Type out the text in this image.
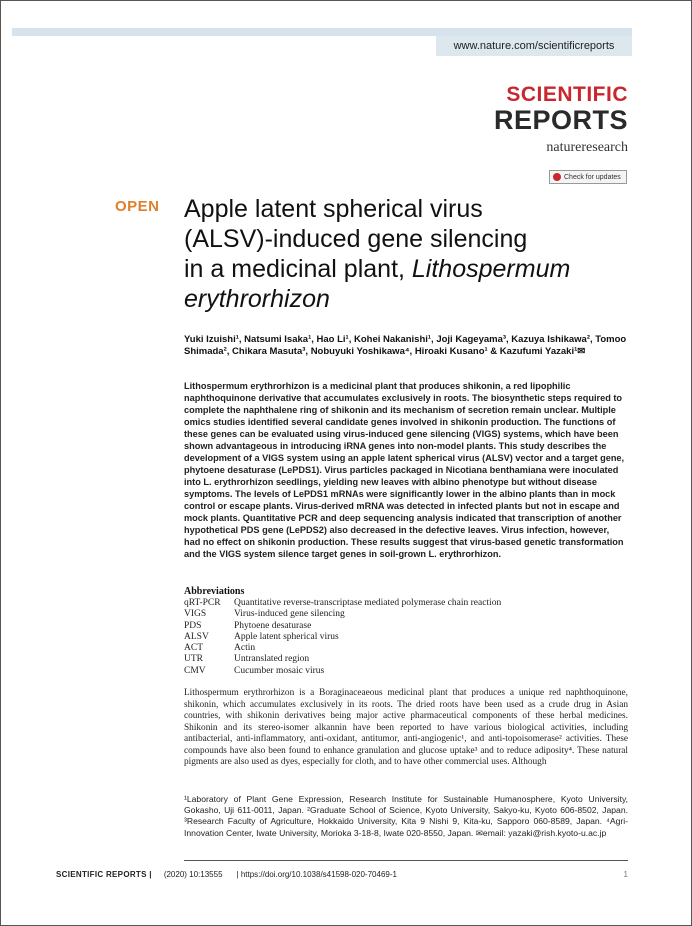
www.nature.com/scientificreports
SCIENTIFIC
REPORTS
natureresearch
Check for updates
OPEN Apple latent spherical virus
(ALSV)-induced gene silencing
in a medicinal plant, Lithospermum erythrorhizon
Yuki Izuishi¹, Natsumi Isaka¹, Hao Li¹, Kohei Nakanishi¹, Joji Kageyama³, Kazuya Ishikawa², Tomoo Shimada², Chikara Masuta³, Nobuyuki Yoshikawa⁴, Hiroaki Kusano¹ & Kazufumi Yazaki¹✉

Lithospermum erythrorhizon is a medicinal plant that produces shikonin, a red lipophilic naphthoquinone derivative that accumulates exclusively in roots. The biosynthetic steps required to complete the naphthalene ring of shikonin and its mechanism of secretion remain unclear. Multiple omics studies identified several candidate genes involved in shikonin production. The functions of these genes can be evaluated using virus-induced gene silencing (VIGS) systems, which have been shown advantageous in introducing iRNA genes into non-model plants. This study describes the development of a VIGS system using an apple latent spherical virus (ALSV) vector and a target gene, phytoene desaturase (LePDS1). Virus particles packaged in Nicotiana benthamiana were inoculated into L. erythrorhizon seedlings, yielding new leaves with albino phenotype but without disease symptoms. The levels of LePDS1 mRNAs were significantly lower in the albino plants than in mock control or escape plants. Virus-derived mRNA was detected in infected plants but not in escape and mock plants. Quantitative PCR and deep sequencing analysis indicated that transcription of another hypothetical PDS gene (LePDS2) also decreased in the defective leaves. Virus infection, however, had no effect on shikonin production. These results suggest that virus-based genetic transformation and the VIGS system silence target genes in soil-grown L. erythrorhizon.

Abbreviations
qRT-PCR	Quantitative reverse-transcriptase mediated polymerase chain reaction
VIGS	Virus-induced gene silencing
PDS	Phytoene desaturase
ALSV	Apple latent spherical virus
ACT	Actin
UTR	Untranslated region
CMV	Cucumber mosaic virus

Lithospermum erythrorhizon is a Boraginaceaeous medicinal plant that produces a unique red naphthoquinone, shikonin, which accumulates exclusively in its roots. The dried roots have been used as a crude drug in Asian countries, with shikonin derivatives being major active pharmaceutical components of these herbal medicines. Shikonin and its stereo-isomer alkannin have been reported to have various biological activities, including antibacterial, anti-inflammatory, anti-oxidant, antitumor, anti-angiogenic¹, and anti-topoisomerase² activities. These compounds have also been found to enhance granulation and glucose uptake³ and to reduce adiposity⁴. These natural pigments are also used as dyes, especially for cloth, and to have other commercial uses. Although

¹Laboratory of Plant Gene Expression, Research Institute for Sustainable Humanosphere, Kyoto University, Gokasho, Uji 611-0011, Japan. ²Graduate School of Science, Kyoto University, Sakyo-ku, Kyoto 606-8502, Japan. ³Research Faculty of Agriculture, Hokkaido University, Kita 9 Nishi 9, Kita-ku, Sapporo 060-8589, Japan. ⁴Agri-Innovation Center, Iwate University, Morioka 3-18-8, Iwate 020-8550, Japan. ✉email: yazaki@rish.kyoto-u.ac.jp

SCIENTIFIC REPORTS | (2020) 10:13555 | https://doi.org/10.1038/s41598-020-70469-1	1
